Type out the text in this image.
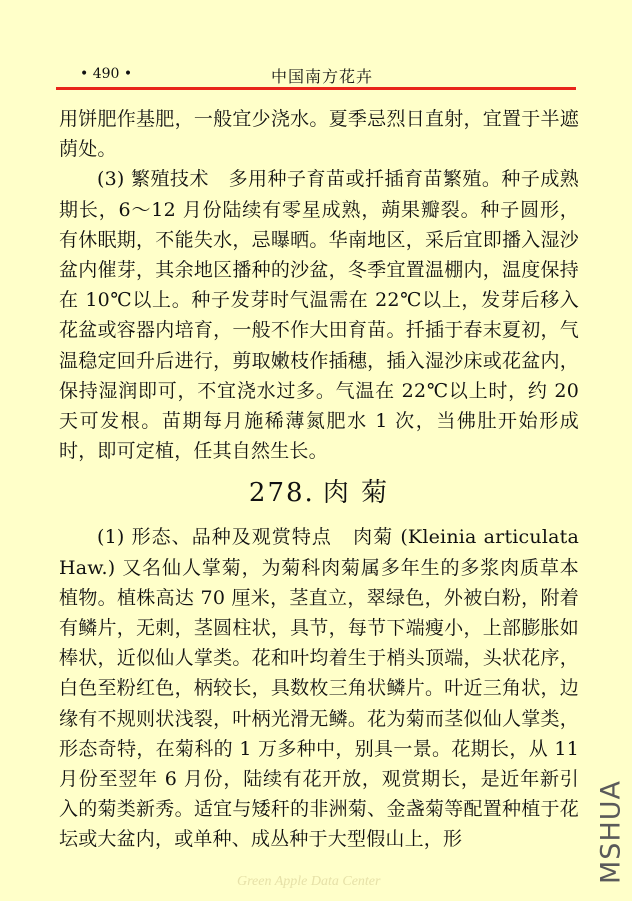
• 490 •	中国南方花卉

用饼肥作基肥，一般宜少浇水。夏季忌烈日直射，宜置于半遮荫处。

(3) 繁殖技术 多用种子育苗或扦插育苗繁殖。种子成熟期长，6～12 月份陆续有零星成熟，蒴果瓣裂。种子圆形，有休眠期，不能失水，忌曝晒。华南地区，采后宜即播入湿沙盆内催芽，其余地区播种的沙盆，冬季宜置温棚内，温度保持在 10℃以上。种子发芽时气温需在 22℃以上，发芽后移入花盆或容器内培育，一般不作大田育苗。扦插于春末夏初，气温稳定回升后进行，剪取嫩枝作插穗，插入湿沙床或花盆内，保持湿润即可，不宜浇水过多。气温在 22℃以上时，约 20 天可发根。苗期每月施稀薄氮肥水 1 次，当佛肚开始形成时，即可定植，任其自然生长。

278. 肉 菊

(1) 形态、品种及观赏特点 肉菊 (Kleinia articulata Haw.) 又名仙人掌菊，为菊科肉菊属多年生的多浆肉质草本植物。植株高达 70 厘米，茎直立，翠绿色，外被白粉，附着有鳞片，无刺，茎圆柱状，具节，每节下端瘦小，上部膨胀如棒状，近似仙人掌类。花和叶均着生于梢头顶端，头状花序，白色至粉红色，柄较长，具数枚三角状鳞片。叶近三角状，边缘有不规则状浅裂，叶柄光滑无鳞。花为菊而茎似仙人掌类，形态奇特，在菊科的 1 万多种中，别具一景。花期长，从 11 月份至翌年 6 月份，陆续有花开放，观赏期长，是近年新引入的菊类新秀。适宜与矮秆的非洲菊、金盏菊等配置种植于花坛或大盆内，或单种、成丛种于大型假山上，形

Green Apple Data Center	MSHUA
